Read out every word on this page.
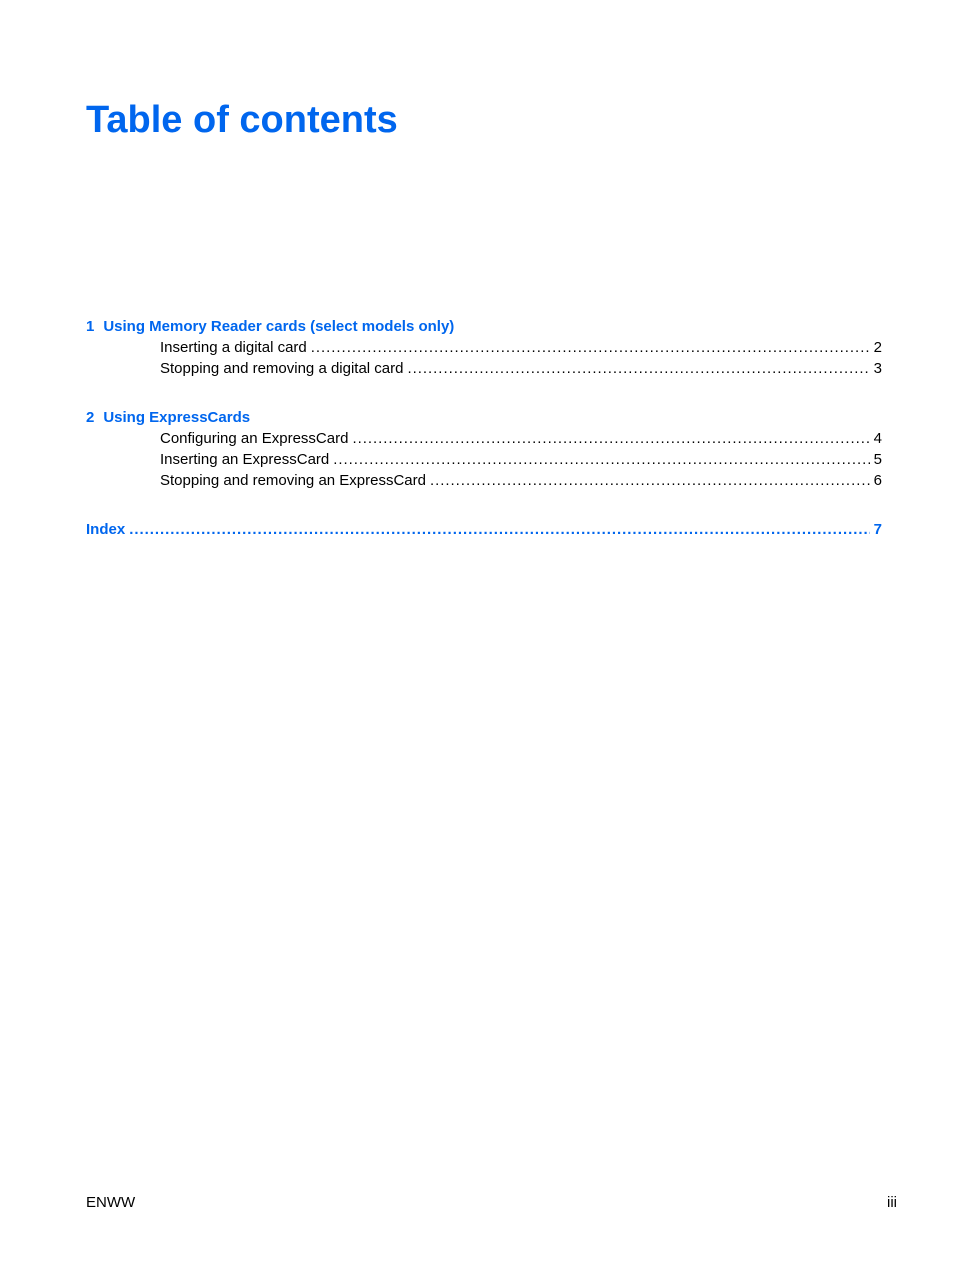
Table of contents
1 Using Memory Reader cards (select models only)
Inserting a digital card . . .	2
Stopping and removing a digital card . . .	3
2 Using ExpressCards
Configuring an ExpressCard . . .	4
Inserting an ExpressCard . . .	5
Stopping and removing an ExpressCard . . .	6
Index . . .	7
ENWW	iii
